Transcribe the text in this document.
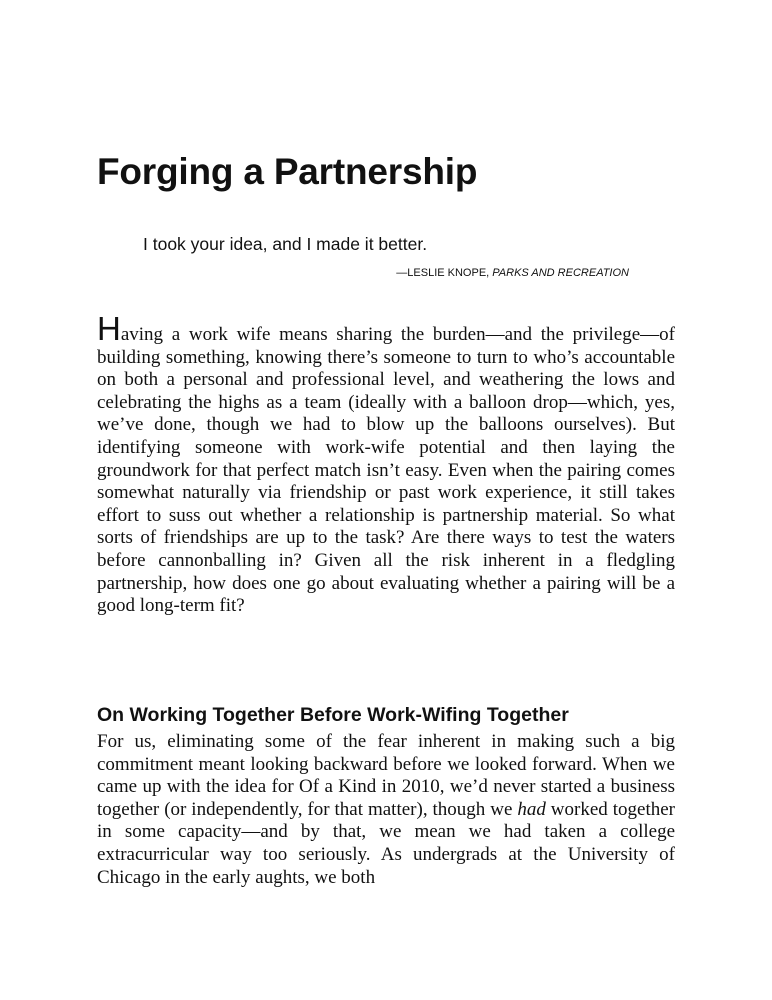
Forging a Partnership
I took your idea, and I made it better.
—LESLIE KNOPE, PARKS AND RECREATION

Having a work wife means sharing the burden—and the privilege—of building something, knowing there’s someone to turn to who’s accountable on both a personal and professional level, and weathering the lows and celebrating the highs as a team (ideally with a balloon drop—which, yes, we’ve done, though we had to blow up the balloons ourselves). But identifying someone with work-wife potential and then laying the groundwork for that perfect match isn’t easy. Even when the pairing comes somewhat naturally via friendship or past work experience, it still takes effort to suss out whether a relationship is partnership material. So what sorts of friendships are up to the task? Are there ways to test the waters before cannonballing in? Given all the risk inherent in a fledgling partnership, how does one go about evaluating whether a pairing will be a good long-term fit?

On Working Together Before Work-Wifing Together

For us, eliminating some of the fear inherent in making such a big commitment meant looking backward before we looked forward. When we came up with the idea for Of a Kind in 2010, we’d never started a business together (or independently, for that matter), though we had worked together in some capacity—and by that, we mean we had taken a college extracurricular way too seriously. As undergrads at the University of Chicago in the early aughts, we both
